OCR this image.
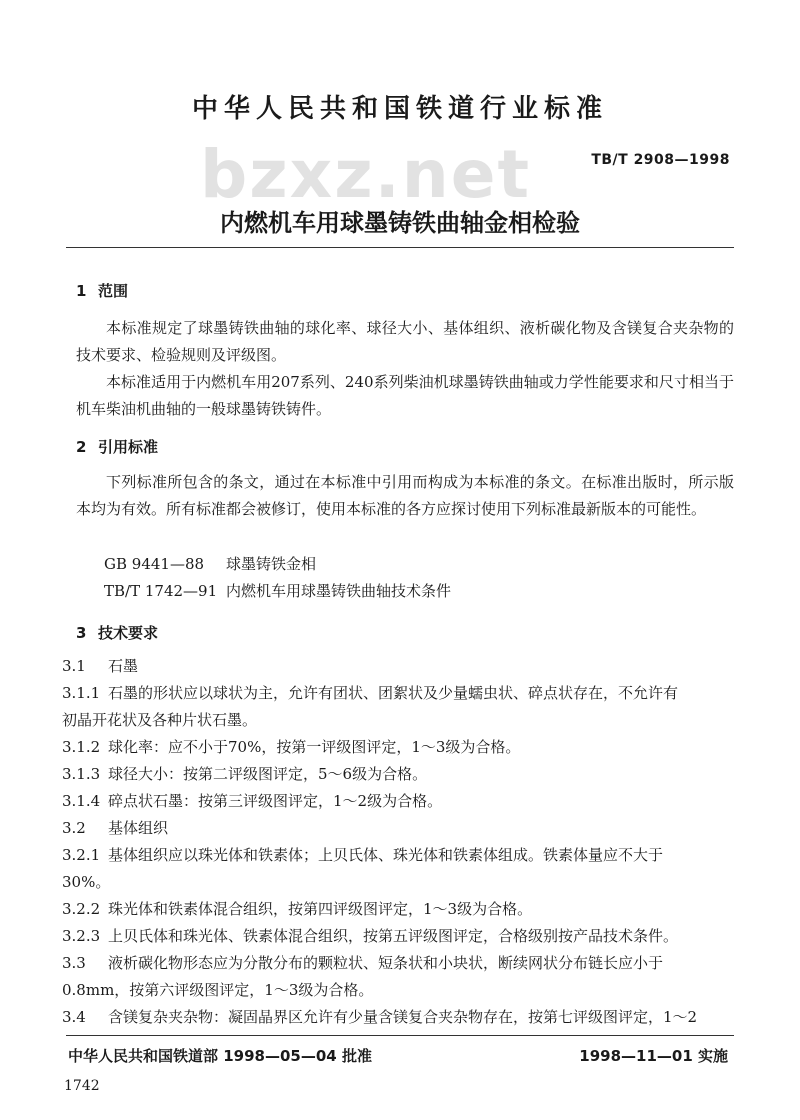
中华人民共和国铁道行业标准
bzxz.net	TB/T 2908—1998
内燃机车用球墨铸铁曲轴金相检验
1 范围
本标准规定了球墨铸铁曲轴的球化率、球径大小、基体组织、液析碳化物及含镁复合夹杂物的技术要求、检验规则及评级图。
本标准适用于内燃机车用207系列、240系列柴油机球墨铸铁曲轴或力学性能要求和尺寸相当于机车柴油机曲轴的一般球墨铸铁铸件。
2 引用标准
下列标准所包含的条文，通过在本标准中引用而构成为本标准的条文。在标准出版时，所示版本均为有效。所有标准都会被修订，使用本标准的各方应探讨使用下列标准最新版本的可能性。
GB 9441—88 球墨铸铁金相
TB/T 1742—91 内燃机车用球墨铸铁曲轴技术条件
3 技术要求
3.1 石墨
3.1.1 石墨的形状应以球状为主，允许有团状、团絮状及少量蠕虫状、碎点状存在，不允许有
初晶开花状及各种片状石墨。
3.1.2 球化率：应不小于70%，按第一评级图评定，1～3级为合格。
3.1.3 球径大小：按第二评级图评定，5～6级为合格。
3.1.4 碎点状石墨：按第三评级图评定，1～2级为合格。
3.2 基体组织
3.2.1 基体组织应以珠光体和铁素体；上贝氏体、珠光体和铁素体组成。铁素体量应不大于
30%。
3.2.2 珠光体和铁素体混合组织，按第四评级图评定，1～3级为合格。
3.2.3 上贝氏体和珠光体、铁素体混合组织，按第五评级图评定，合格级别按产品技术条件。
3.3 液析碳化物形态应为分散分布的颗粒状、短条状和小块状，断续网状分布链长应小于
0.8mm，按第六评级图评定，1～3级为合格。
3.4 含镁复杂夹杂物：凝固晶界区允许有少量含镁复合夹杂物存在，按第七评级图评定，1～2
中华人民共和国铁道部 1998—05—04 批准	1998—11—01 实施
1742
